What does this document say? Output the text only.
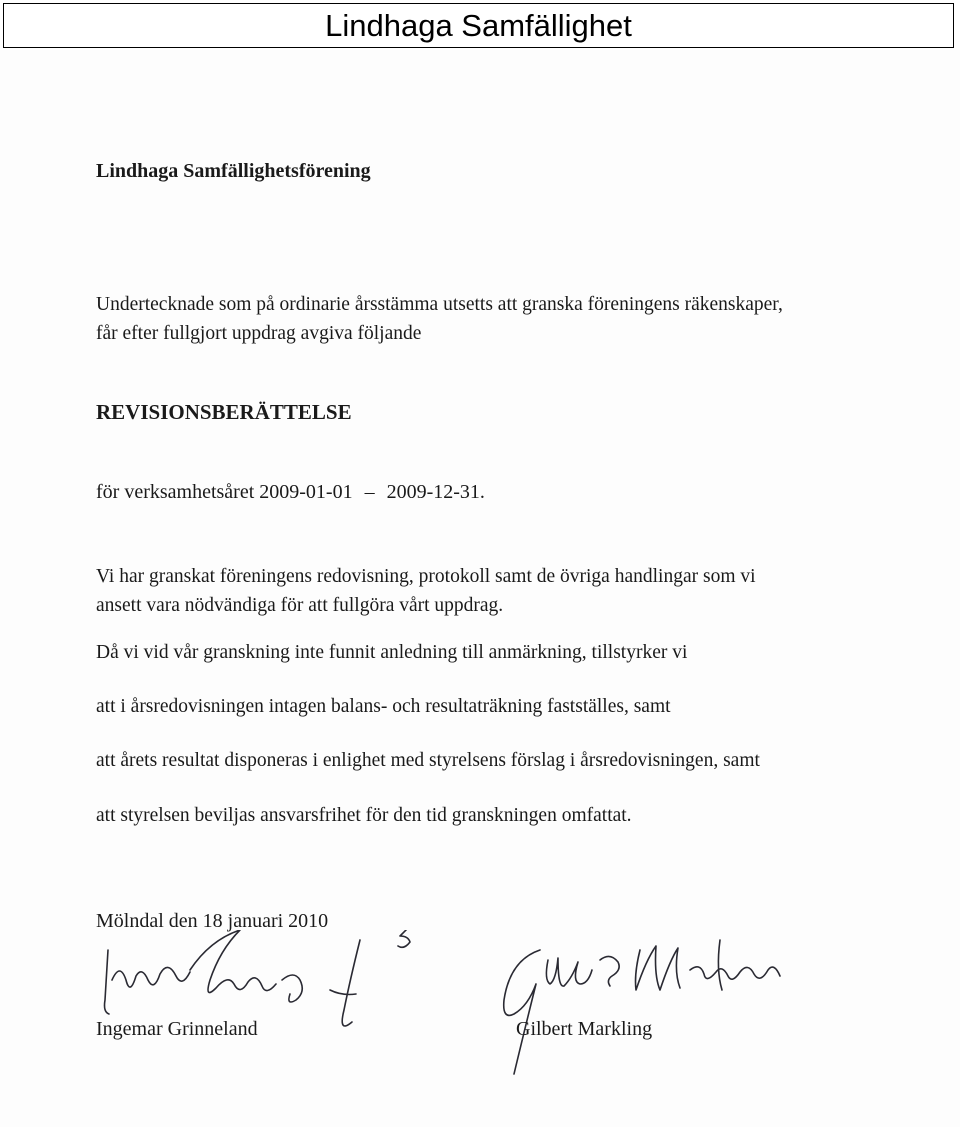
Lindhaga Samfällighet
Lindhaga Samfällighetsförening
Undertecknade som på ordinarie årsstämma utsetts att granska föreningens räkenskaper,
får efter fullgjort uppdrag avgiva följande
REVISIONSBERÄTTELSE
för verksamhetsåret 2009-01-01 – 2009-12-31.
Vi har granskat föreningens redovisning, protokoll samt de övriga handlingar som vi
ansett vara nödvändiga för att fullgöra vårt uppdrag.
Då vi vid vår granskning inte funnit anledning till anmärkning, tillstyrker vi
att i årsredovisningen intagen balans- och resultaträkning fastställes, samt
att årets resultat disponeras i enlighet med styrelsens förslag i årsredovisningen, samt
att styrelsen beviljas ansvarsfrihet för den tid granskningen omfattat.
Mölndal den 18 januari 2010
Ingemar Grinneland	Gilbert Markling
